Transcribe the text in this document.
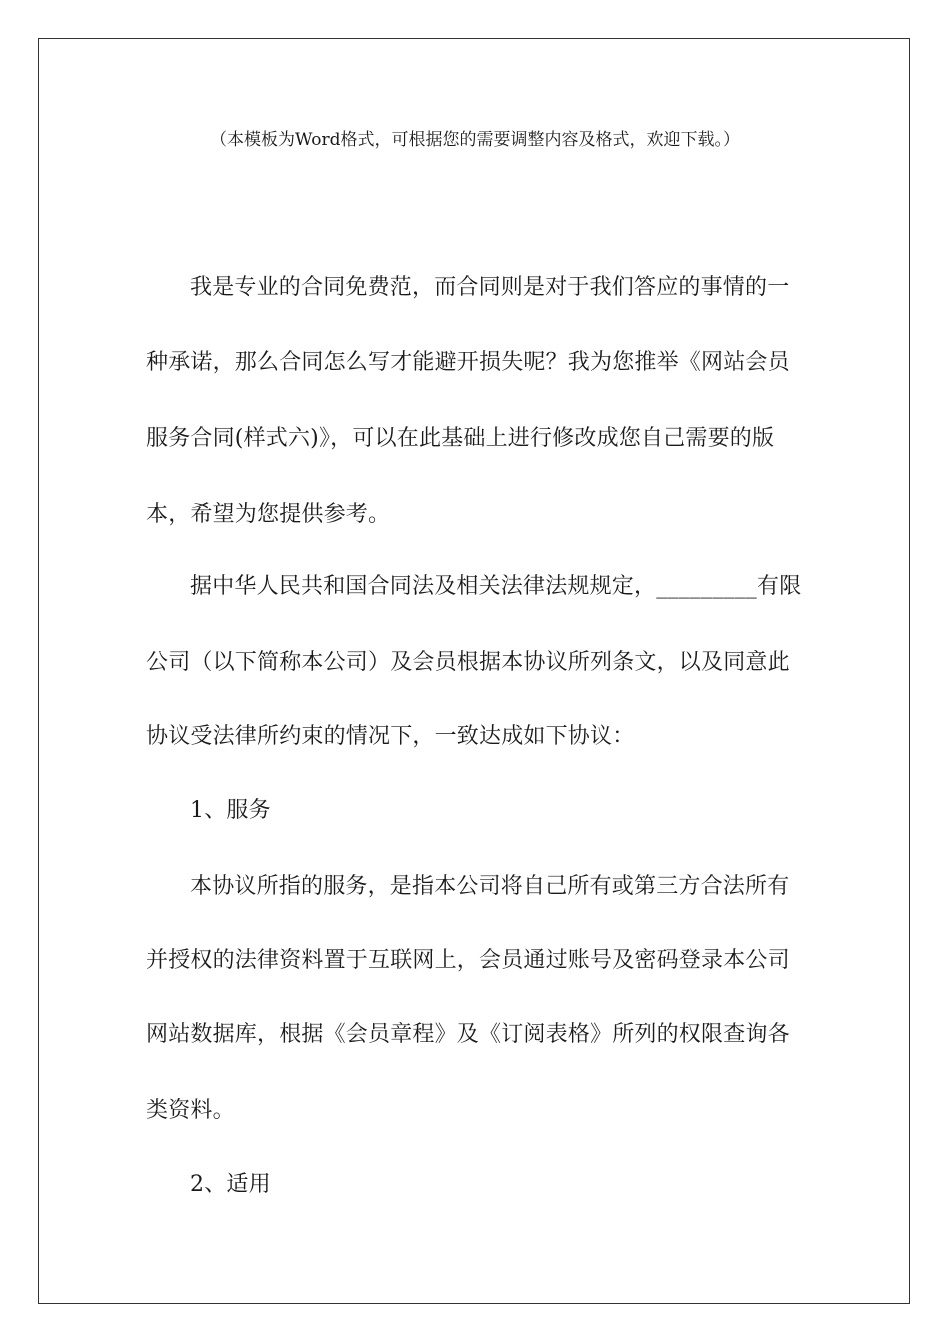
（本模板为Word格式，可根据您的需要调整内容及格式，欢迎下载。）
我是专业的合同免费范，而合同则是对于我们答应的事情的一
种承诺，那么合同怎么写才能避开损失呢？我为您推举《网站会员
服务合同(样式六)》，可以在此基础上进行修改成您自己需要的版
本，希望为您提供参考。
据中华人民共和国合同法及相关法律法规规定，_________有限
公司（以下简称本公司）及会员根据本协议所列条文，以及同意此
协议受法律所约束的情况下，一致达成如下协议：
1、服务
本协议所指的服务，是指本公司将自己所有或第三方合法所有
并授权的法律资料置于互联网上，会员通过账号及密码登录本公司
网站数据库，根据《会员章程》及《订阅表格》所列的权限查询各
类资料。
2、适用
